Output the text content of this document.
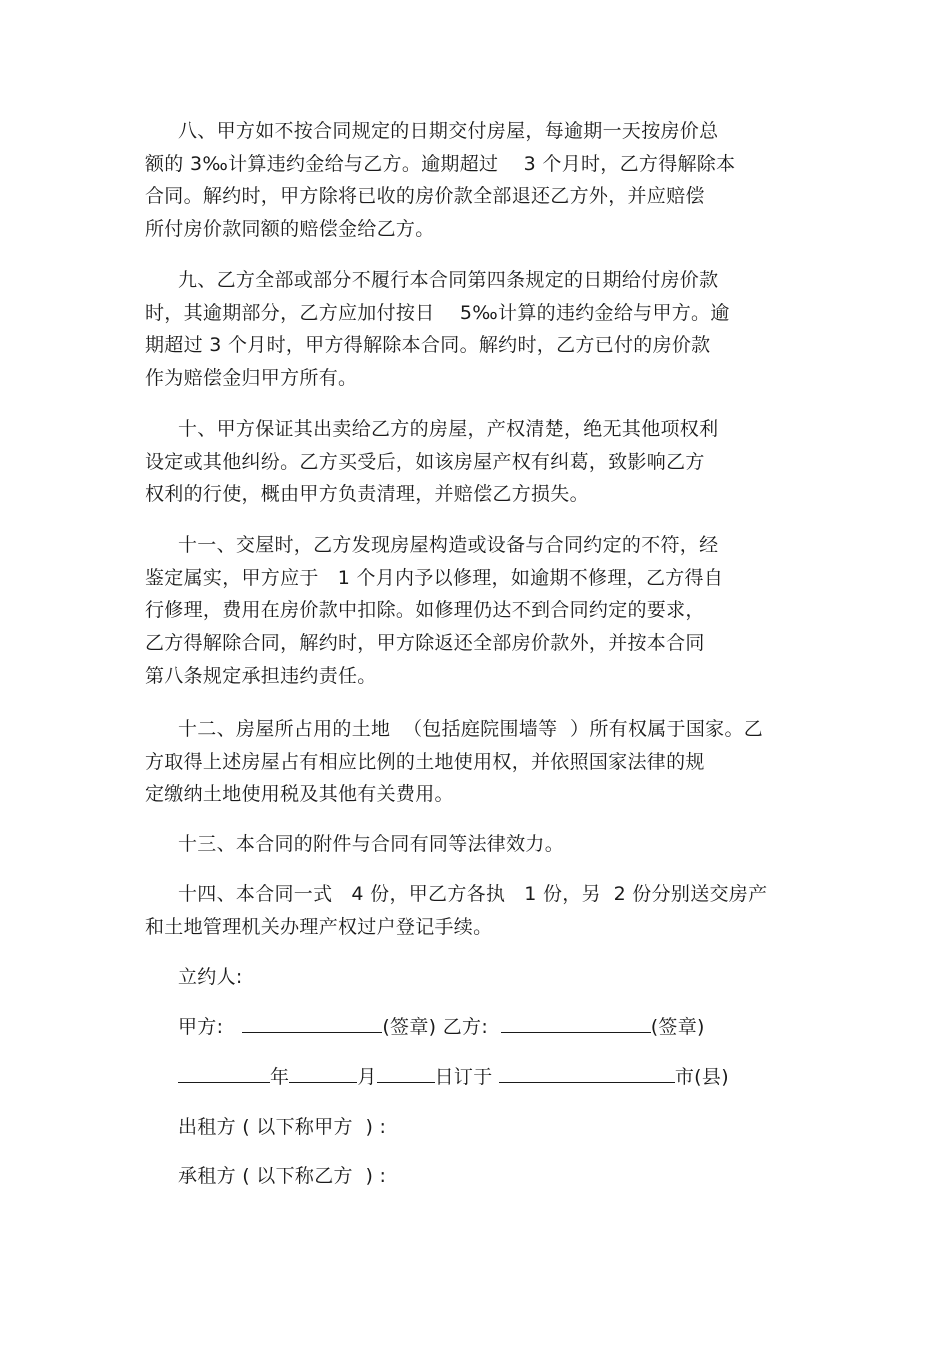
八、甲方如不按合同规定的日期交付房屋，每逾期一天按房价总
额的 3‰计算违约金给与乙方。逾期超过    3 个月时，乙方得解除本
合同。解约时，甲方除将已收的房价款全部退还乙方外，并应赔偿
所付房价款同额的赔偿金给乙方。
九、乙方全部或部分不履行本合同第四条规定的日期给付房价款
时，其逾期部分，乙方应加付按日    5‰计算的违约金给与甲方。逾
期超过 3 个月时，甲方得解除本合同。解约时，乙方已付的房价款
作为赔偿金归甲方所有。
十、甲方保证其出卖给乙方的房屋，产权清楚，绝无其他项权利
设定或其他纠纷。乙方买受后，如该房屋产权有纠葛，致影响乙方
权利的行使，概由甲方负责清理，并赔偿乙方损失。
十一、交屋时，乙方发现房屋构造或设备与合同约定的不符，经
鉴定属实，甲方应于   1 个月内予以修理，如逾期不修理，乙方得自
行修理，费用在房价款中扣除。如修理仍达不到合同约定的要求，
乙方得解除合同，解约时，甲方除返还全部房价款外，并按本合同
第八条规定承担违约责任。
十二、房屋所占用的土地  （包括庭院围墙等  ）所有权属于国家。乙
方取得上述房屋占有相应比例的土地使用权，并依照国家法律的规
定缴纳土地使用税及其他有关费用。
十三、本合同的附件与合同有同等法律效力。
十四、本合同一式   4 份，甲乙方各执   1 份，另  2 份分别送交房产
和土地管理机关办理产权过户登记手续。
立约人:
甲方:	(签章) 乙方:	(签章)
年	月	日订于	市(县)
出租方 ( 以下称甲方  ) :
承租方 ( 以下称乙方  ) :
